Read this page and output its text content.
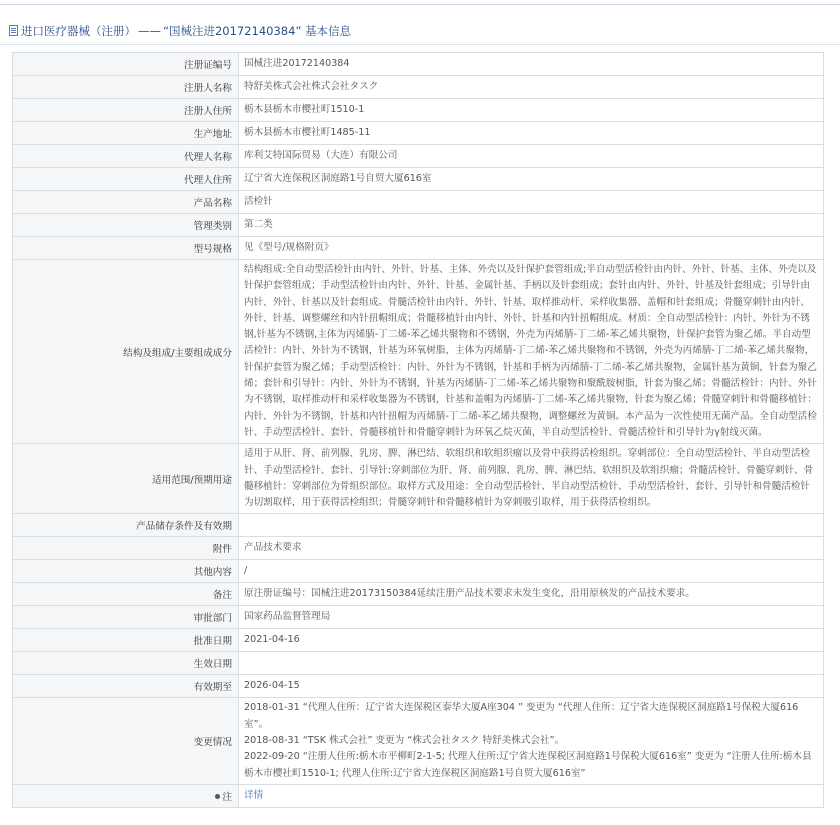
进口医疗器械（注册） —— “国械注进20172140384” 基本信息
注册证编号	国械注进20172140384
注册人名称	特舒美株式会社株式会社タスク
注册人住所	栃木县栃木市樱社町1510-1
生产地址	栃木县栃木市樱社町1485-11
代理人名称	库利艾特国际贸易（大连）有限公司
代理人住所	辽宁省大连保税区洞庭路1号自贸大厦616室
产品名称	活检针
管理类别	第二类
型号规格	见《型号/规格附页》
结构及组成/主要组成成分	结构组成:全自动型活检针由内针、外针、针基、主体、外壳以及针保护套管组成;半自动型活检针由内针、外针、针基、主体、外壳以及针保护套管组成；手动型活检针由内针、外针、针基、金属针基、手柄以及针套组成；套针由内针、外针、针基及针套组成；引导针由内针、外针、针基以及针套组成。骨髓活检针由内针、外针、针基、取样推动杆、采样收集器、盖帽和针套组成；骨髓穿刺针由内针、外针、针基、调整螺丝和内针扭帽组成；骨髓移植针由内针、外针、针基和内针扭帽组成。材质：全自动型活检针：内针、外针为不锈钢,针基为不锈钢,主体为丙烯腈-丁二烯-苯乙烯共聚物和不锈钢，外壳为丙烯腈-丁二烯-苯乙烯共聚物，针保护套管为聚乙烯。半自动型活检针：内针、外针为不锈钢，针基为环氧树脂，主体为丙烯腈-丁二烯-苯乙烯共聚物和不锈钢，外壳为丙烯腈-丁二烯-苯乙烯共聚物，针保护套管为聚乙烯；手动型活检针：内针、外针为不锈钢，针基和手柄为丙烯腈-丁二烯-苯乙烯共聚物，金属针基为黄铜，针套为聚乙烯；套针和引导针：内针、外针为不锈钢，针基为丙烯腈-丁二烯-苯乙烯共聚物和聚酰胺树脂，针套为聚乙烯；骨髓活检针：内针、外针为不锈钢，取样推动杆和采样收集器为不锈钢，针基和盖帽为丙烯腈-丁二烯-苯乙烯共聚物，针套为聚乙烯；骨髓穿刺针和骨髓移植针：内针、外针为不锈钢，针基和内针扭帽为丙烯腈-丁二烯-苯乙烯共聚物，调整螺丝为黄铜。本产品为一次性使用无菌产品。全自动型活检针、手动型活检针、套针、骨髓移植针和骨髓穿刺针为环氧乙烷灭菌，半自动型活检针、骨髓活检针和引导针为γ射线灭菌。
适用范围/预期用途	适用于从肝、肾、前列腺、乳房、脾、淋巴结、软组织和软组织瘤以及骨中获得活检组织。穿刺部位：全自动型活检针、半自动型活检针、手动型活检针、套针、引导针:穿刺部位为肝、肾、前列腺、乳房、脾、淋巴结、软组织及软组织瘤；骨髓活检针、骨髓穿刺针、骨髓移植针：穿刺部位为骨组织部位。取样方式及用途：全自动型活检针、半自动型活检针、手动型活检针、套针、引导针和骨髓活检针为切割取样，用于获得活检组织；骨髓穿刺针和骨髓移植针为穿刺吸引取样，用于获得活检组织。
产品储存条件及有效期	
附件	产品技术要求
其他内容	/
备注	原注册证编号：国械注进20173150384延续注册产品技术要求未发生变化，沿用原核发的产品技术要求。
审批部门	国家药品监督管理局
批准日期	2021-04-16
生效日期	
有效期至	2026-04-15
变更情况	2018-01-31 “代理人住所：辽宁省大连保税区泰华大厦A座304 ” 变更为 “代理人住所：辽宁省大连保税区洞庭路1号保税大厦616室”。
2018-08-31 “TSK 株式会社” 变更为 “株式会社タスク 特舒美株式会社”。
2022-09-20 “注册人住所:栃木市平柳町2-1-5; 代理人住所:辽宁省大连保税区洞庭路1号保税大厦616室” 变更为 “注册人住所:栃木县栃木市樱社町1510-1; 代理人住所:辽宁省大连保税区洞庭路1号自贸大厦616室”

注	详情
